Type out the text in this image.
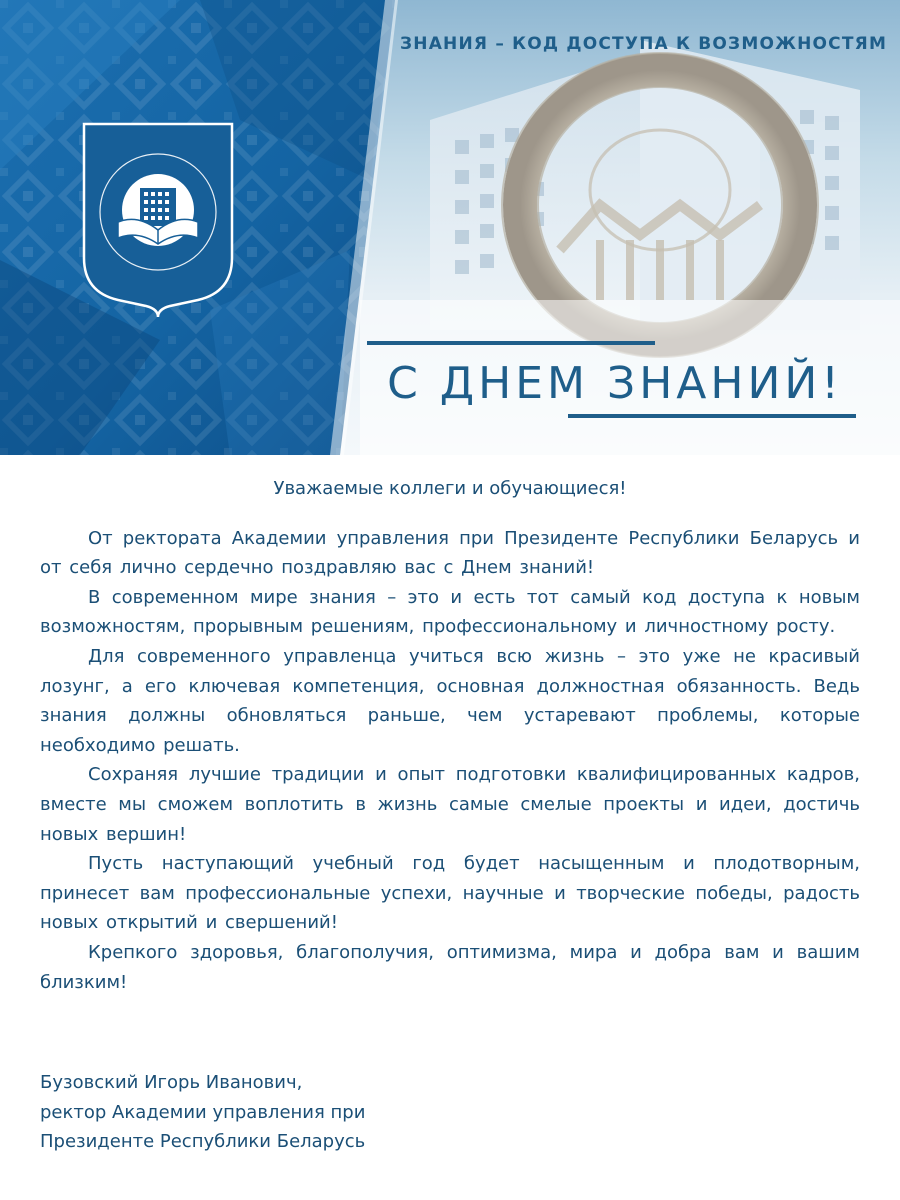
ЗНАНИЯ – КОД ДОСТУПА К ВОЗМОЖНОСТЯМ
С ДНЕМ ЗНАНИЙ!

Уважаемые коллеги и обучающиеся!

От ректората Академии управления при Президенте Республики Беларусь и от себя лично сердечно поздравляю вас с Днем знаний!

В современном мире знания – это и есть тот самый код доступа к новым возможностям, прорывным решениям, профессиональному и личностному росту.

Для современного управленца учиться всю жизнь – это уже не красивый лозунг, а его ключевая компетенция, основная должностная обязанность. Ведь знания должны обновляться раньше, чем устаревают проблемы, которые необходимо решать.

Сохраняя лучшие традиции и опыт подготовки квалифицированных кадров, вместе мы сможем воплотить в жизнь самые смелые проекты и идеи, достичь новых вершин!

Пусть наступающий учебный год будет насыщенным и плодотворным, принесет вам профессиональные успехи, научные и творческие победы, радость новых открытий и свершений!

Крепкого здоровья, благополучия, оптимизма, мира и добра вам и вашим близким!

Бузовский Игорь Иванович,
ректор Академии управления при
Президенте Республики Беларусь
